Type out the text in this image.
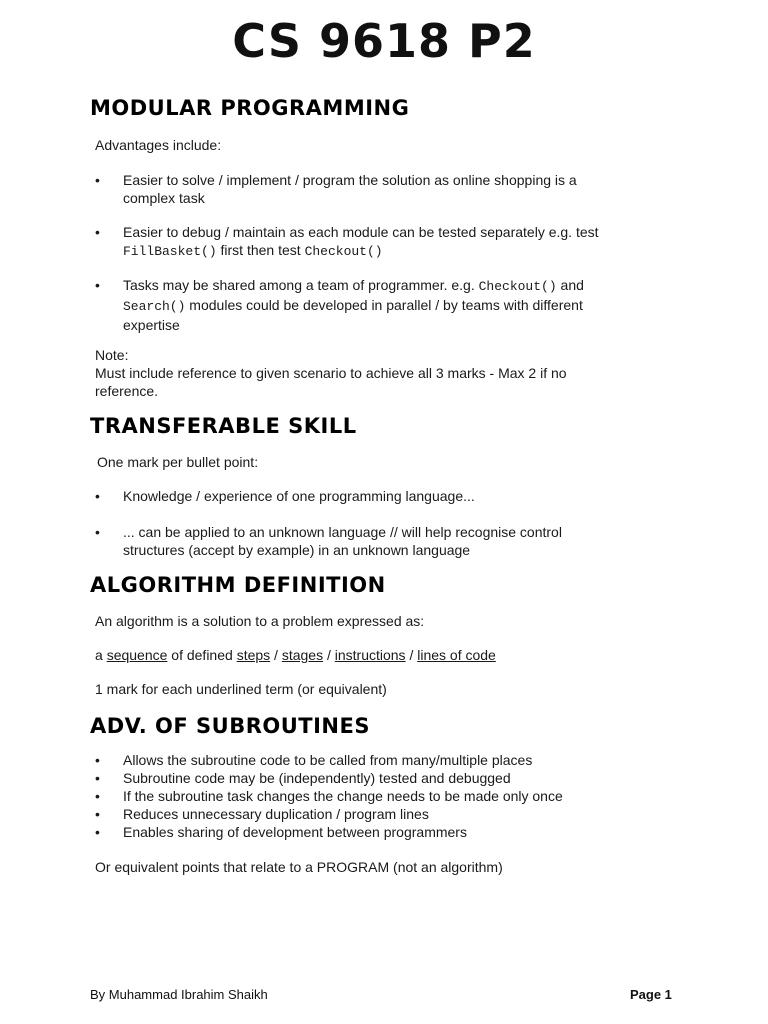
CS 9618 P2
MODULAR PROGRAMMING

Advantages include:

• Easier to solve / implement / program the solution as online shopping is a complex task
• Easier to debug / maintain as each module can be tested separately e.g. test FillBasket() first then test Checkout()
• Tasks may be shared among a team of programmer. e.g. Checkout() and Search() modules could be developed in parallel / by teams with different expertise

Note:

Must include reference to given scenario to achieve all 3 marks - Max 2 if no reference.

TRANSFERABLE SKILL

One mark per bullet point:

• Knowledge / experience of one programming language...
• ... can be applied to an unknown language // will help recognise control structures (accept by example) in an unknown language
ALGORITHM DEFINITION

An algorithm is a solution to a problem expressed as:

a sequence of defined steps / stages / instructions / lines of code

1 mark for each underlined term (or equivalent)

ADV. OF SUBROUTINES
• Allows the subroutine code to be called from many/multiple places
• Subroutine code may be (independently) tested and debugged
• If the subroutine task changes the change needs to be made only once
• Reduces unnecessary duplication / program lines
• Enables sharing of development between programmers

Or equivalent points that relate to a PROGRAM (not an algorithm)

By Muhammad Ibrahim Shaikh	Page 1
